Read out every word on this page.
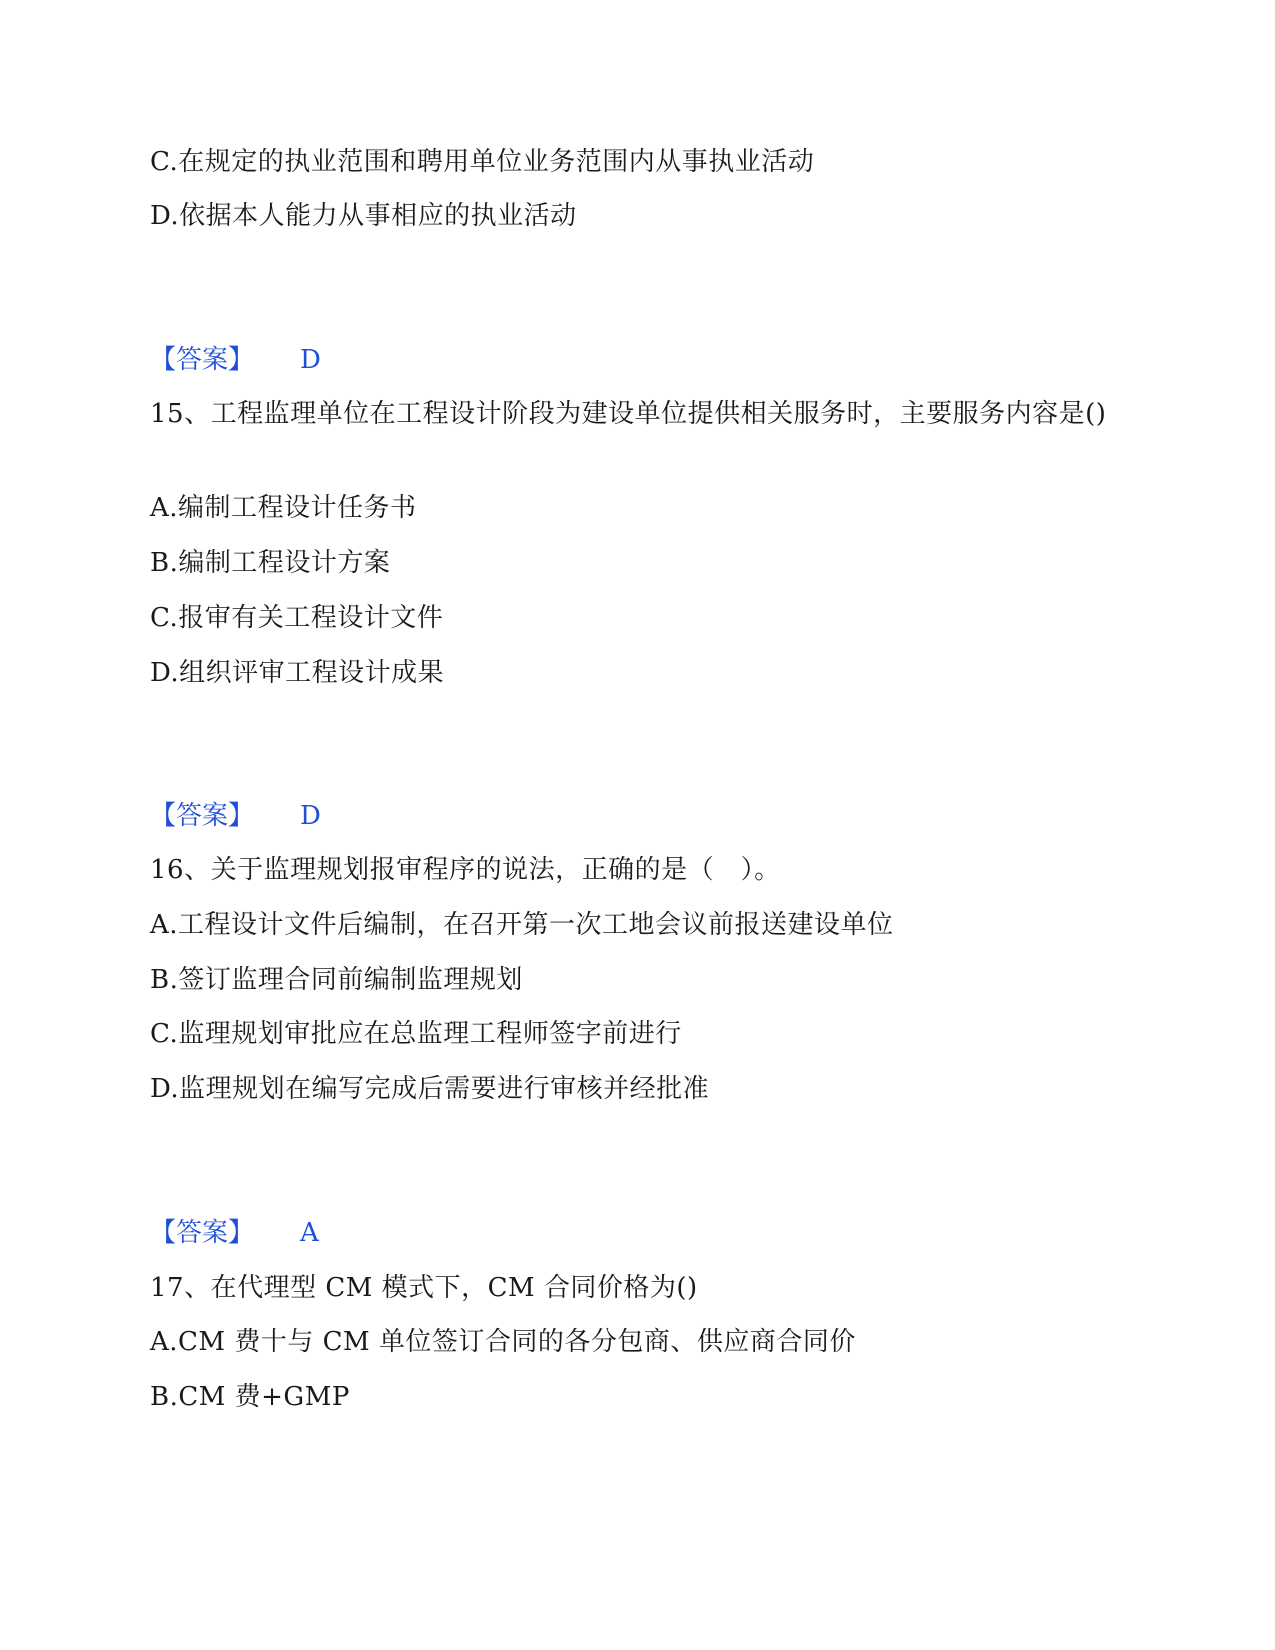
C.在规定的执业范围和聘用单位业务范围内从事执业活动
D.依据本人能力从事相应的执业活动
【答案】 D
15、工程监理单位在工程设计阶段为建设单位提供相关服务时，主要服务内容是()
A.编制工程设计任务书
B.编制工程设计方案
C.报审有关工程设计文件
D.组织评审工程设计成果
【答案】 D
16、关于监理规划报审程序的说法，正确的是（　）。
A.工程设计文件后编制，在召开第一次工地会议前报送建设单位
B.签订监理合同前编制监理规划
C.监理规划审批应在总监理工程师签字前进行
D.监理规划在编写完成后需要进行审核并经批准
【答案】 A
17、在代理型 CM 模式下，CM 合同价格为()
A.CM 费十与 CM 单位签订合同的各分包商、供应商合同价
B.CM 费+GMP
